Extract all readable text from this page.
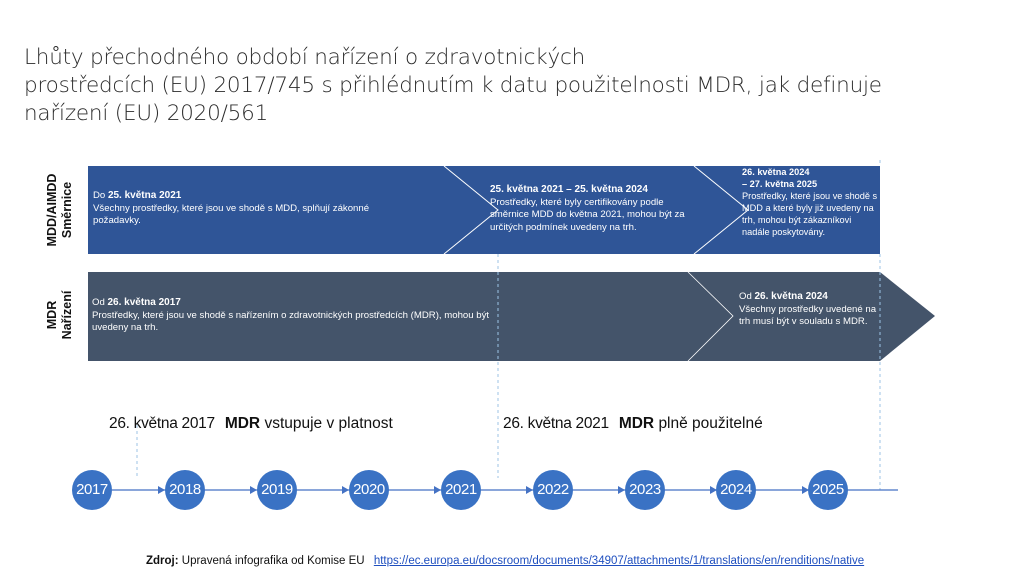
Lhůty přechodného období nařízení o zdravotnických
prostředcích (EU) 2017/745 s přihlédnutím k datu použitelnosti MDR, jak definuje
nařízení (EU) 2020/561
MDD/AIMDD Směrnice
MDR Nařízení
Do 25. května 2021
Všechny prostředky, které jsou ve shodě s MDD, splňují zákonné požadavky.
25. května 2021 – 25. května 2024
Prostředky, které byly certifikovány podle směrnice MDD do května 2021, mohou být za určitých podmínek uvedeny na trh.
26. května 2024
– 27. května 2025
Prostředky, které jsou ve shodě s MDD a které byly již uvedeny na trh, mohou být zákazníkovi nadále poskytovány.
Od 26. května 2017
Prostředky, které jsou ve shodě s nařízením o zdravotnických prostředcích (MDR), mohou být uvedeny na trh.
Od 26. května 2024
Všechny prostředky uvedené na trh musí být v souladu s MDR.
26. května 2017 MDR vstupuje v platnost	26. května 2021 MDR plně použitelné
2017	2018	2019	2020	2021	2022	2023	2024	2025
Zdroj: Upravená infografika od Komise EU https://ec.europa.eu/docsroom/documents/34907/attachments/1/translations/en/renditions/native
